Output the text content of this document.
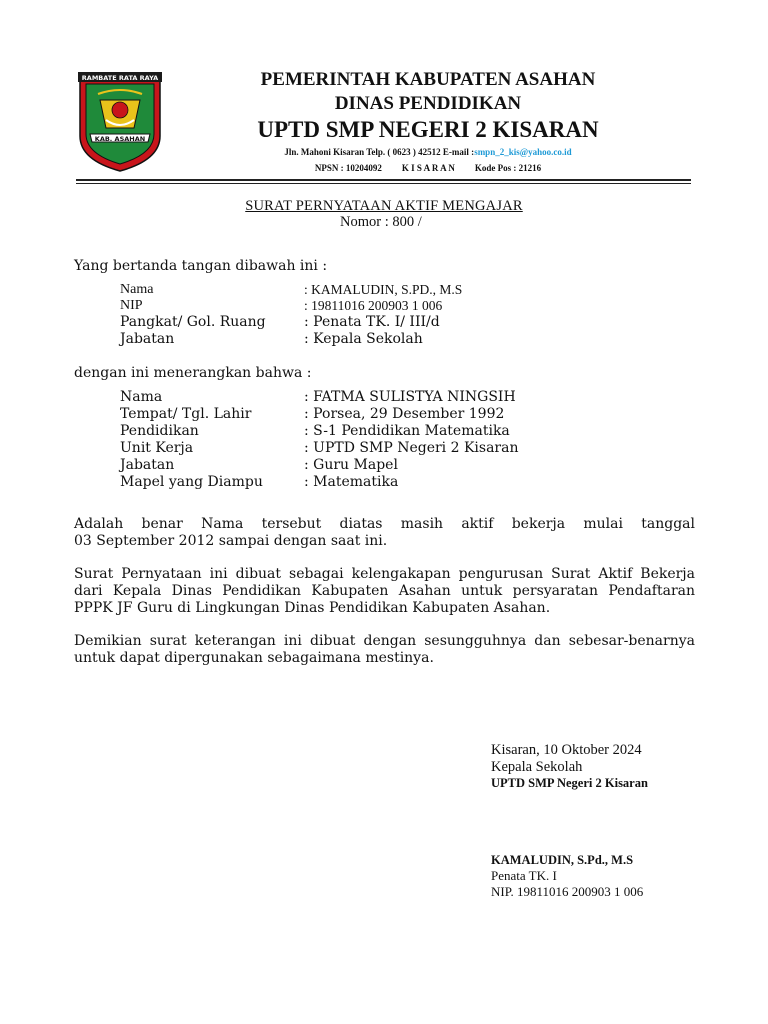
RAMBATE RATA RAYA
KAB. ASAHAN
PEMERINTAH KABUPATEN ASAHAN
DINAS PENDIDIKAN
UPTD SMP NEGERI 2 KISARAN
Jln. Mahoni Kisaran Telp. ( 0623 ) 42512 E-mail :smpn_2_kis@yahoo.co.id
NPSN : 10204092 K I S A R A N Kode Pos : 21216
SURAT PERNYATAAN AKTIF MENGAJAR
Nomor : 800 /
Yang bertanda tangan dibawah ini :
Nama	: KAMALUDIN, S.PD., M.S
NIP	: 19811016 200903 1 006
Pangkat/ Gol. Ruang	: Penata TK. I/ III/d
Jabatan	: Kepala Sekolah
dengan ini menerangkan bahwa :
Nama	: FATMA SULISTYA NINGSIH
Tempat/ Tgl. Lahir	: Porsea, 29 Desember 1992
Pendidikan	: S-1 Pendidikan Matematika
Unit Kerja	: UPTD SMP Negeri 2 Kisaran
Jabatan	: Guru Mapel
Mapel yang Diampu	: Matematika
Adalah benar Nama tersebut diatas masih aktif bekerja mulai tanggal
03 September 2012 sampai dengan saat ini.
Surat Pernyataan ini dibuat sebagai kelengakapan pengurusan Surat Aktif Bekerja
dari Kepala Dinas Pendidikan Kabupaten Asahan untuk persyaratan Pendaftaran
PPPK JF Guru di Lingkungan Dinas Pendidikan Kabupaten Asahan.
Demikian surat keterangan ini dibuat dengan sesungguhnya dan sebesar-benarnya
untuk dapat dipergunakan sebagaimana mestinya.
Kisaran, 10 Oktober 2024
Kepala Sekolah
UPTD SMP Negeri 2 Kisaran
KAMALUDIN, S.Pd., M.S
Penata TK. I
NIP. 19811016 200903 1 006
